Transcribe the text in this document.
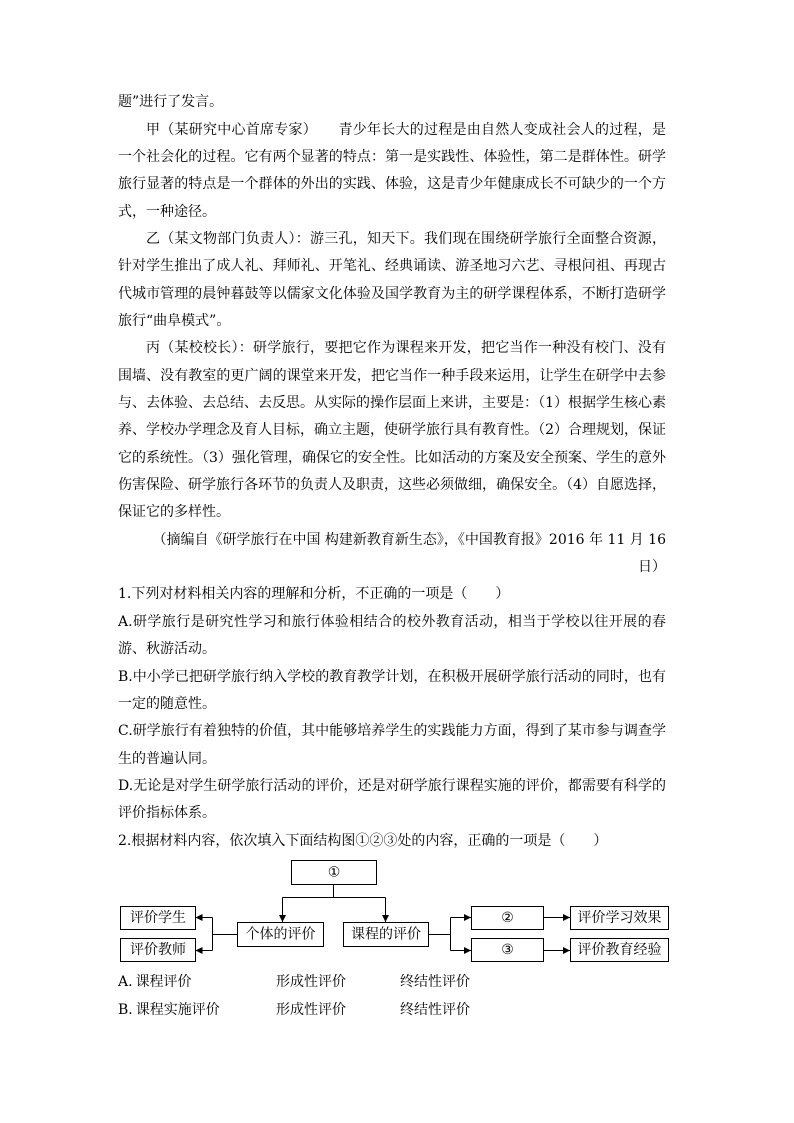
题”进行了发言。
甲（某研究中心首席专家）　　青少年长大的过程是由自然人变成社会人的过程，是
一个社会化的过程。它有两个显著的特点：第一是实践性、体验性，第二是群体性。研学
旅行显著的特点是一个群体的外出的实践、体验，这是青少年健康成长不可缺少的一个方
式，一种途径。
乙（某文物部门负责人）：游三孔，知天下。我们现在围绕研学旅行全面整合资源，
针对学生推出了成人礼、拜师礼、开笔礼、经典诵读、游圣地习六艺、寻根问祖、再现古
代城市管理的晨钟暮鼓等以儒家文化体验及国学教育为主的研学课程体系，不断打造研学
旅行“曲阜模式”。
丙（某校校长）：研学旅行，要把它作为课程来开发，把它当作一种没有校门、没有
围墙、没有教室的更广阔的课堂来开发，把它当作一种手段来运用，让学生在研学中去参
与、去体验、去总结、去反思。从实际的操作层面上来讲，主要是：（1）根据学生核心素
养、学校办学理念及育人目标，确立主题，使研学旅行具有教育性。（2）合理规划，保证
它的系统性。（3）强化管理，确保它的安全性。比如活动的方案及安全预案、学生的意外
伤害保险、研学旅行各环节的负责人及职责，这些必须做细，确保安全。（4）自愿选择，
保证它的多样性。
（摘编自《研学旅行在中国 构建新教育新生态》，《中国教育报》2016 年 11 月 16
日）
1.下列对材料相关内容的理解和分析，不正确的一项是（　　）
A.研学旅行是研究性学习和旅行体验相结合的校外教育活动，相当于学校以往开展的春
游、秋游活动。
B.中小学已把研学旅行纳入学校的教育教学计划，在积极开展研学旅行活动的同时，也有
一定的随意性。
C.研学旅行有着独特的价值，其中能够培养学生的实践能力方面，得到了某市参与调查学
生的普遍认同。
D.无论是对学生研学旅行活动的评价，还是对研学旅行课程实施的评价，都需要有科学的
评价指标体系。
2.根据材料内容，依次填入下面结构图①②③处的内容，正确的一项是（　　）
①
个体的评价	课程的评价
评价学生
评价教师
②
③
评价学习效果
评价教育经验
A. 课程评价	形成性评价	终结性评价
B. 课程实施评价	形成性评价	终结性评价
